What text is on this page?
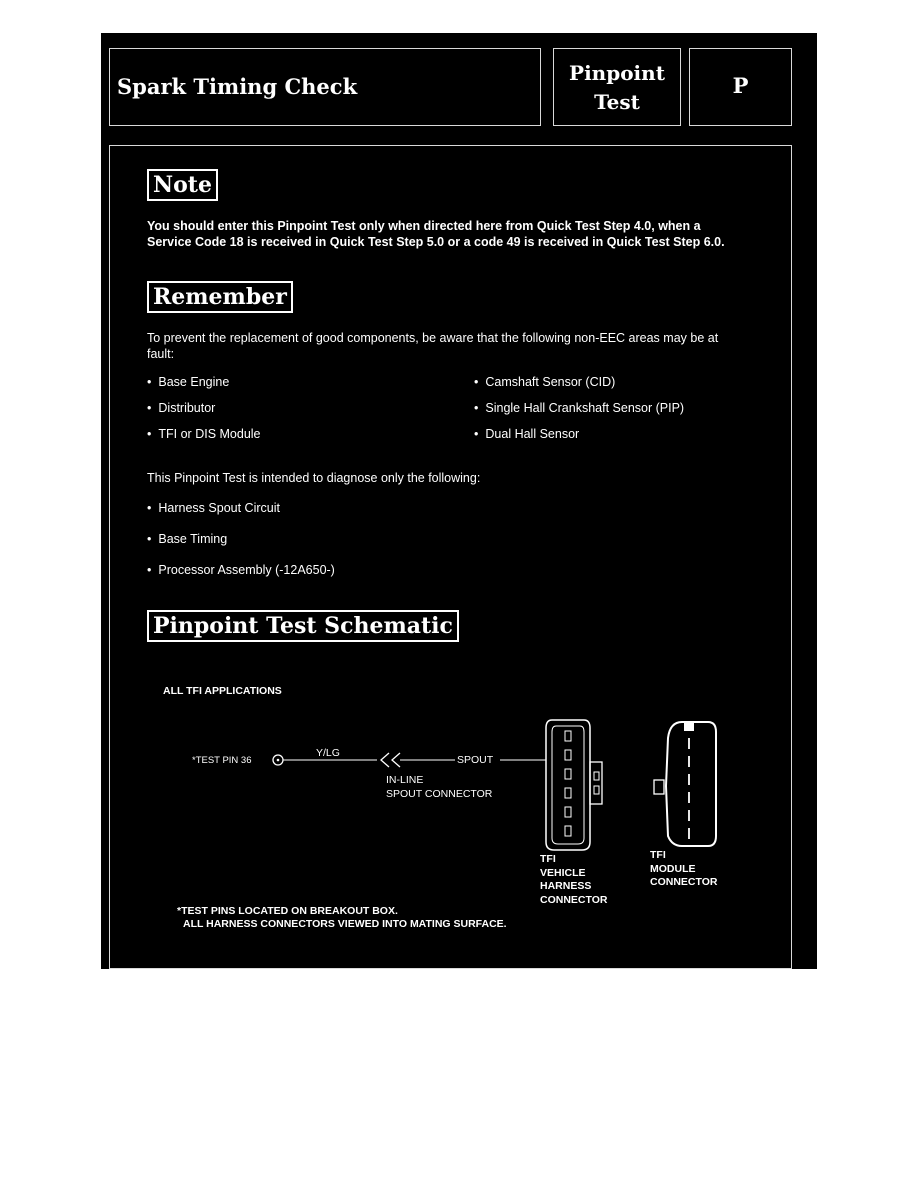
Spark Timing Check
Pinpoint
Test
P
Note
You should enter this Pinpoint Test only when directed here from Quick Test Step 4.0, when a Service Code 18 is received in Quick Test Step 5.0 or a code 49 is received in Quick Test Step 6.0.
Remember
To prevent the replacement of good components, be aware that the following non-EEC areas may be at fault:
• Base Engine
• Distributor
• TFI or DIS Module
• Camshaft Sensor (CID)
• Single Hall Crankshaft Sensor (PIP)
• Dual Hall Sensor
This Pinpoint Test is intended to diagnose only the following:
• Harness Spout Circuit
• Base Timing
• Processor Assembly (-12A650-)
Pinpoint Test Schematic
ALL TFI APPLICATIONS
*TEST PIN 36
Y/LG
SPOUT
IN-LINE
SPOUT CONNECTOR
TFI
VEHICLE
HARNESS
CONNECTOR
TFI
MODULE
CONNECTOR
*TEST PINS LOCATED ON BREAKOUT BOX.
ALL HARNESS CONNECTORS VIEWED INTO MATING SURFACE.
